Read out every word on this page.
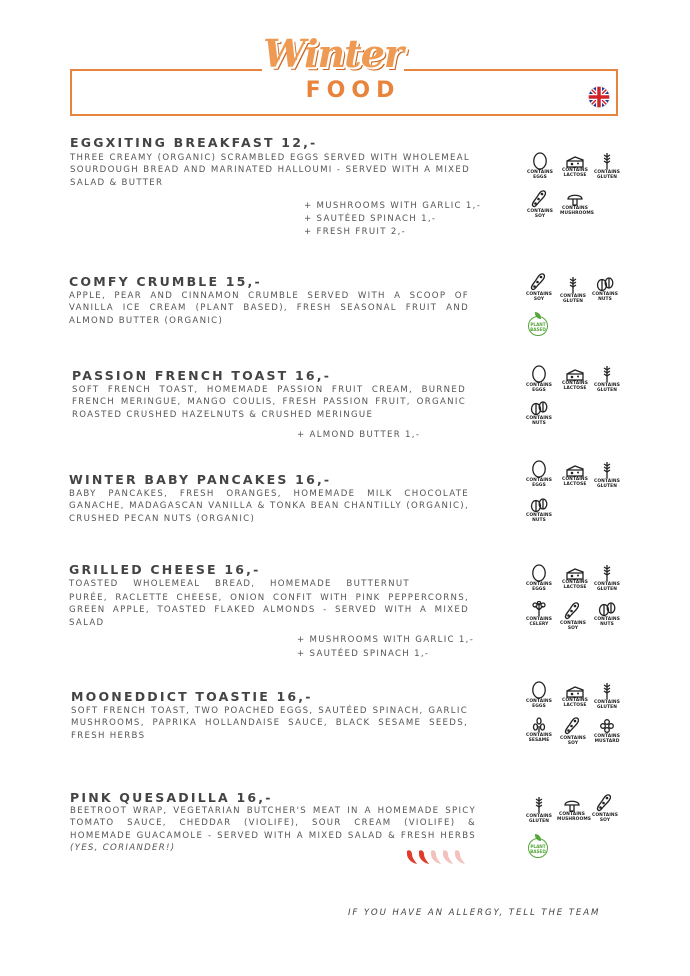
Winter
FOOD
EGGXITING BREAKFAST 12,-
THREE CREAMY (ORGANIC) SCRAMBLED EGGS SERVED WITH WHOLEMEAL SOURDOUGH BREAD AND MARINATED HALLOUMI - SERVED WITH A MIXED SALAD & BUTTER
+ MUSHROOMS WITH GARLIC 1,-
+ SAUTÉED SPINACH 1,-
+ FRESH FRUIT 2,-
CONTAINS
EGGS
CONTAINS
LACTOSE
CONTAINS
GLUTEN
CONTAINS
SOY
CONTAINS
MUSHROOMS
COMFY CRUMBLE 15,-
APPLE, PEAR AND CINNAMON CRUMBLE SERVED WITH A SCOOP OF VANILLA ICE CREAM (PLANT BASED), FRESH SEASONAL FRUIT AND ALMOND BUTTER (ORGANIC)
CONTAINS
SOY
CONTAINS
GLUTEN
CONTAINS
NUTS
PLANT
BASED
PASSION FRENCH TOAST 16,-
SOFT FRENCH TOAST, HOMEMADE PASSION FRUIT CREAM, BURNED FRENCH MERINGUE, MANGO COULIS, FRESH PASSION FRUIT, ORGANIC ROASTED CRUSHED HAZELNUTS & CRUSHED MERINGUE
+ ALMOND BUTTER 1,-
CONTAINS
EGGS
CONTAINS
LACTOSE
CONTAINS
GLUTEN
CONTAINS
NUTS
WINTER BABY PANCAKES 16,-
BABY PANCAKES, FRESH ORANGES, HOMEMADE MILK CHOCOLATE GANACHE, MADAGASCAN VANILLA & TONKA BEAN CHANTILLY (ORGANIC), CRUSHED PECAN NUTS (ORGANIC)
CONTAINS
EGGS
CONTAINS
LACTOSE
CONTAINS
GLUTEN
CONTAINS
NUTS
GRILLED CHEESE 16,-
TOASTED WHOLEMEAL BREAD, HOMEMADE BUTTERNUT
PURÉE, RACLETTE CHEESE, ONION CONFIT WITH PINK PEPPERCORNS, GREEN APPLE, TOASTED FLAKED ALMONDS - SERVED WITH A MIXED SALAD
+ MUSHROOMS WITH GARLIC 1,-
+ SAUTÉED SPINACH 1,-
CONTAINS
EGGS
CONTAINS
LACTOSE
CONTAINS
GLUTEN
CONTAINS
CELERY	CONTAINS
SOY
CONTAINS
NUTS
MOONEDDICT TOASTIE 16,-
SOFT FRENCH TOAST, TWO POACHED EGGS, SAUTÉED SPINACH, GARLIC MUSHROOMS, PAPRIKA HOLLANDAISE SAUCE, BLACK SESAME SEEDS, FRESH HERBS
CONTAINS
EGGS
CONTAINS
LACTOSE
CONTAINS
GLUTEN
CONTAINS
SESAME	CONTAINS
SOY
CONTAINS
MUSTARD
PINK QUESADILLA 16,-
BEETROOT WRAP, VEGETARIAN BUTCHER'S MEAT IN A HOMEMADE SPICY TOMATO SAUCE, CHEDDAR (VIOLIFE), SOUR CREAM (VIOLIFE) & HOMEMADE GUACAMOLE - SERVED WITH A MIXED SALAD & FRESH HERBS (YES, CORIANDER!)
CONTAINS
GLUTEN
CONTAINS
MUSHROOMS
CONTAINS
SOY
PLANT
BASED
IF YOU HAVE AN ALLERGY, TELL THE TEAM
